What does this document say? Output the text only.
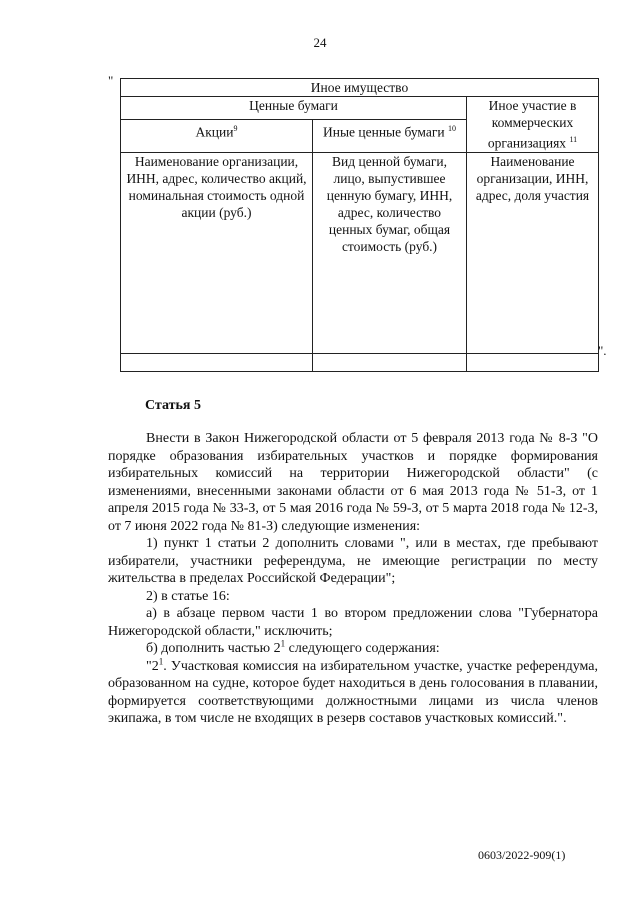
24
"	Иное имущество		
Ценные бумаги		Иное участие в коммерческих организациях $^{11}$
Акции$^9$	Иные ценные бумаги $^{10}$
Наименование организации, ИНН, адрес, количество акций, номинальная стоимость одной акции (руб.)	Вид ценной бумаги, лицо, выпустившее ценную бумагу, ИНН, адрес, количество ценных бумаг, общая стоимость (руб.)	Наименование организации, ИНН, адрес, доля участия

".
Статья 5

Внести в Закон Нижегородской области от 5 февраля 2013 года № 8-З "О порядке образования избирательных участков и порядке формирования избирательных комиссий на территории Нижегородской области" (с изменениями, внесенными законами области от 6 мая 2013 года № 51-З, от 1 апреля 2015 года № 33-З, от 5 мая 2016 года № 59-З, от 5 марта 2018 года № 12-З, от 7 июня 2022 года № 81-З) следующие изменения:

1) пункт 1 статьи 2 дополнить словами ", или в местах, где пребывают избиратели, участники референдума, не имеющие регистрации по месту жительства в пределах Российской Федерации";

2) в статье 16:

а) в абзаце первом части 1 во втором предложении слова "Губернатора Нижегородской области," исключить;

б) дополнить частью $2^1$ следующего содержания:

"$2^1$. Участковая комиссия на избирательном участке, участке референдума, образованном на судне, которое будет находиться в день голосования в плавании, формируется соответствующими должностными лицами из числа членов экипажа, в том числе не входящих в резерв составов участковых комиссий.".

0603/2022-909(1)
